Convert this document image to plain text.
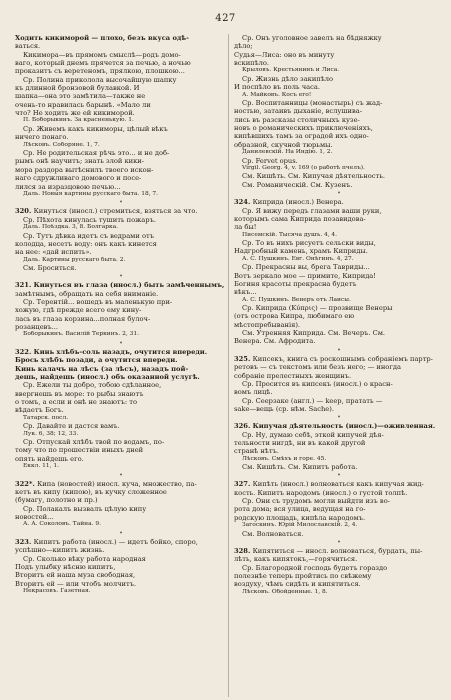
427
Ходить кикиморой — плохо, безъ вкуса одѣ-
ваться.
Кикимора—въ прямомъ смыслѣ—родъ домо-
ваго, который днемъ прячется за печью, а ночью
проказитъ съ веретеномъ, прялкою, плошкою...
Ср. Полина приколола высочайшую шапку
къ длинной бронзовой булавкой. И
шапка—она это замѣтила—также не
очень-то нравилась барынѣ. «Мало ли
что? Не ходить же ей кикиморой.
П. Боборыкинъ. За красненькую. 1.
Ср. Живемъ какъ кикиморы, цѣлый вѣкъ
ничего понаго.
Лѣсковъ. Соборяне. 1, 7.
Ср. Не родительская рѣчь это... и не доб-
рымъ онѣ научитъ; знать злой кики-
мора раздора вытѣснилъ твоего искон-
наго сдружливаго домового и посе-
лился за изразцовою печью...
Даль. Новыя картины русскаго быта. 18, 7.
•
320. Кинуться (иносл.) стремиться, взяться за что.
Ср. Пѣхота кинулась тушить пожаръ.
Даль. Поѣздка. 3, 8. Болгарка.
Ср. Тутъ дѣвка идетъ съ ведрами отъ
колодца, несетъ воду: онъ какъ кинется
на нее: «дай испить».
Даль. Картины русскаго быта. 2.
См. Броситься.
•
321. Кинуться въ глаза (иносл.) быть замѣченнымъ,
замѣтнымъ, обращать на себя вниманіе.
Ср. Терентій... вошедъ въ маленькую при-
хожую, гдѣ прежде всего ему кину-
лась въ глаза корзина...полная булоч-
розанцевъ...
Боборыкинъ. Василій Теркинъ. 2, 31.
•
322. Кинь хлѣбъ-соль назадъ, очутится впереди.
Брось хлѣбъ позади, а очутится впереди.
Кинь калачъ на лѣсъ (за лѣсъ), назадъ пой-
дешь, найдешь (иносл.) объ оказанной услугѣ.
Ср. Ежели ты добро, тобою сдѣланное,
ввергнешь въ море: то рыбы знаютъ
о томъ, а если и онѣ не знаютъ: то
вѣдаетъ Богъ.
Татарск. посл.
Ср. Давайте и дастся вамъ.
Лук. 6, 38; 12, 33.
Ср. Отпускай хлѣбъ твой по водамъ, по-
тому что по прошествіи иныхъ дней
опять найдешь его.
Еккл. 11, 1.
•
322*. Кипа (новостей) иносл. куча, множество, па-
кетъ въ кипу (кипою), въ кучку сложенное
(бумагу, полотно и пр.)
Ср. Полакалъ вызвалъ цѣлую кипу
новостей...
А. А. Соколовъ. Тайна. 9.
•
323. Кипитъ работа (иносл.) — идетъ бойко, споро,
успѣшно—кипитъ жизнь.
Ср. Сколько вѣку работа народная
Подъ улыбку нѣсню кипитъ,
Вторитъ ей наша муза свободная,
Вторитъ ей — или чтобъ молчитъ.
Некрасовъ. Газетная.
Ср. Онъ уголовное завелъ на бѣдняжку
дѣло;
Судья—Лиса: оно въ минуту
вскипѣло.
Крыловъ. Крестьянинъ и Лиса.
Ср. Жизнь дѣло закипѣло
И поспѣло въ поль часа.
А. Майковъ. Косъ его!
Ср. Воспитанницы (монастырь) съ жад-
ностью, затаивъ дыханіе, вслушива-
лись въ разсказы столичныхъ кузе-
новъ о романическихъ приключеніяхъ,
кипѣвшихъ тамъ за оградой ихъ одно-
образной, скучной тюрьмы.
Данилевскій. На Индію. 1, 2.
Ср. Fervet opus.
Virgil. Georg. 4, v. 169 (о работѣ пчелъ).
См. Кишѣть. См. Кипучая дѣятельность.
См. Романическій. См. Кузенъ.
•
324. Киприда (иносл.) Венера.
Ср. Я вижу передъ глазами ваши руки,
которымъ сама Киприда позавидова-
ла бы!
Писемскій. Тысяча душъ. 4, 4.
Ср. То въ нихъ рисуетъ сельски виды,
Надгробный камень, храмъ Киприды.
А. С. Пушкинъ. Евг. Онѣгинъ. 4, 27.
Ср. Прекрасны вы, брега Тавриды...
Вотъ зеркало мое — примите, Киприда!
Богиня красоты прекрасна будетъ
вѣкъ...
А. С. Пушкинъ. Венеръ отъ Лаисы.
Ср. Киприда (Κύπρις) — прозвище Венеры
(отъ острова Кипра, любимаго ею
мѣстопребыванія).
См. Утренняя Киприда. См. Вечеръ. См.
Венера. См. Афродита.
•
325. Кипсекъ, книга съ роскошнымъ собраніемъ партр-
ретовъ — съ текстомъ или безъ него; — иногда
собраніе прелестныхъ женщинъ.
Ср. Просится въ кипсекъ (иносл.) о красн-
вомъ лицѣ.
Ср. Сеерзаке (англ.) — keep, пратать —
sake—вещь (ср. нѣм. Sache).
•
326. Кипучая дѣятельность (иносл.)—оживленная.
Ср. Ну, думаю себѣ, эткой кипучей дѣя-
тельности нигдѣ, ни въ какой другой
странѣ нѣтъ.
Лѣсковъ. Смѣхъ и горе. 45.
См. Кишѣть. См. Кипитъ работа.
•
327. Кипѣть (иносл.) волноваться какъ кипучая жид-
кость. Кипитъ народомъ (иносл.) о густой толпѣ.
Ср. Они съ трудомъ могли выйдти изъ во-
рота дома; вся улица, ведущая на го-
родскую площадь, кипѣла народомъ.
Загоскинъ. Юрій Милославскій. 2, 4.
См. Волноваться.
•
328. Кипятиться — иносл. волноваться, бурдать, пы-
лѣть, какъ кипятокъ,—горячиться.
Ср. Благородной господь будетъ гораздо
полезнѣе теперь пройтись по свѣжему
воздуху, чѣмъ сидѣть и кипятиться.
Лѣсковъ. Обойденные. 1, 8.
